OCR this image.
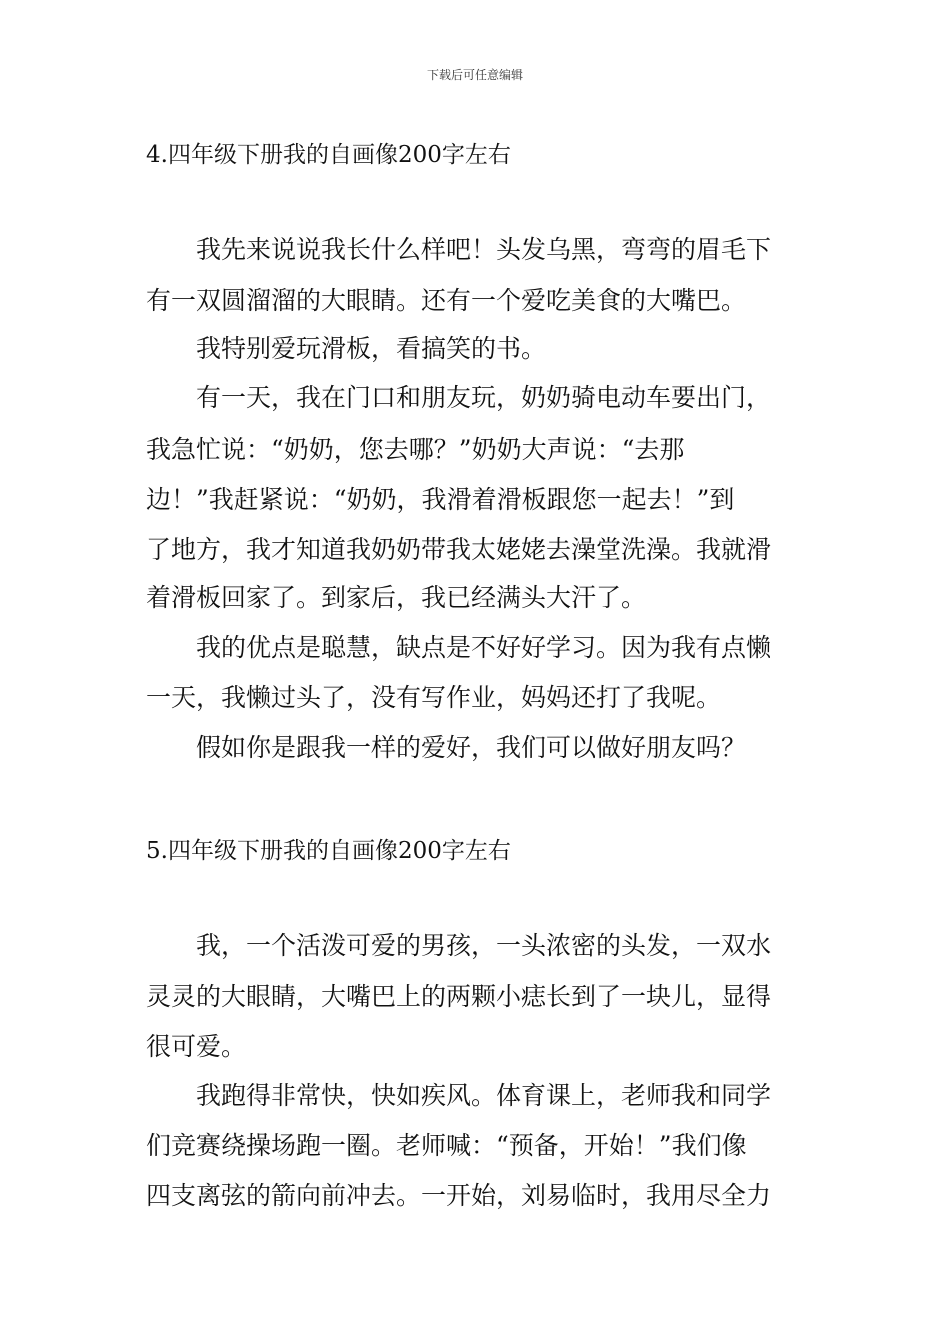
下载后可任意编辑
4.四年级下册我的自画像200字左右
我先来说说我长什么样吧！头发乌黑，弯弯的眉毛下
有一双圆溜溜的大眼睛。还有一个爱吃美食的大嘴巴。
我特别爱玩滑板，看搞笑的书。
有一天，我在门口和朋友玩，奶奶骑电动车要出门，
我急忙说：“奶奶，您去哪？”奶奶大声说：“去那
边！”我赶紧说：“奶奶，我滑着滑板跟您一起去！”到
了地方，我才知道我奶奶带我太姥姥去澡堂洗澡。我就滑
着滑板回家了。到家后，我已经满头大汗了。
我的优点是聪慧，缺点是不好好学习。因为我有点懒
一天，我懒过头了，没有写作业，妈妈还打了我呢。
假如你是跟我一样的爱好，我们可以做好朋友吗？
5.四年级下册我的自画像200字左右
我，一个活泼可爱的男孩，一头浓密的头发，一双水
灵灵的大眼睛，大嘴巴上的两颗小痣长到了一块儿，显得
很可爱。
我跑得非常快，快如疾风。体育课上，老师我和同学
们竞赛绕操场跑一圈。老师喊：“预备，开始！”我们像
四支离弦的箭向前冲去。一开始，刘易临时，我用尽全力
